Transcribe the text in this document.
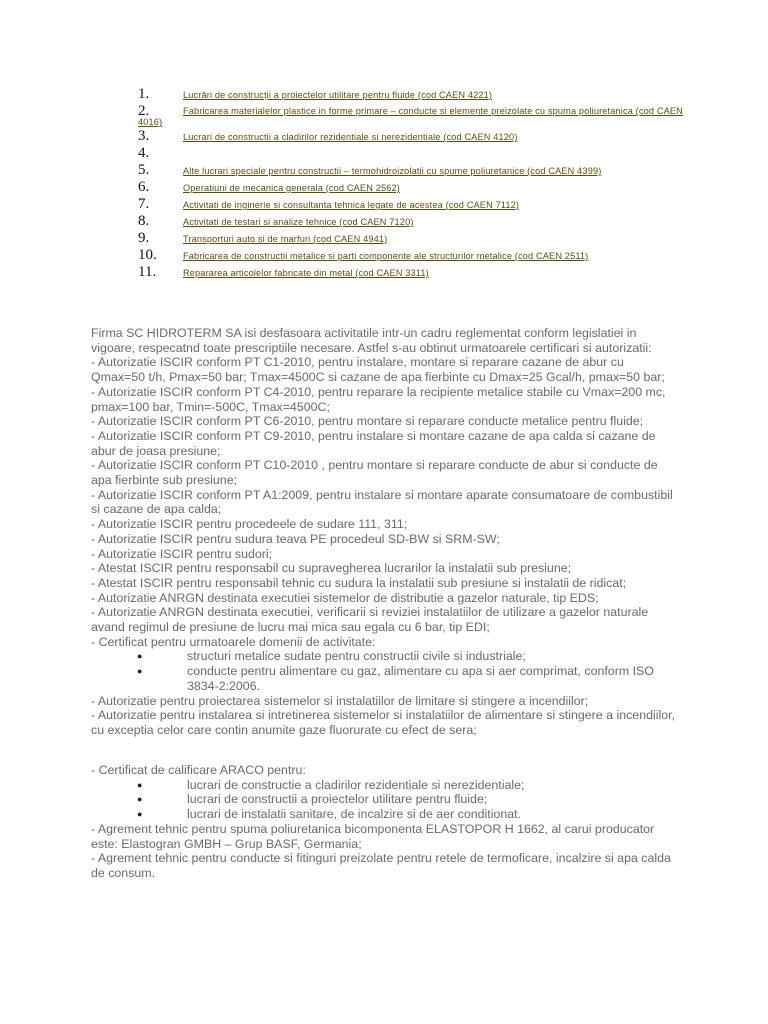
1.	Lucrări de construcţii a proiectelor utilitare pentru fluide (cod CAEN 4221)
2.	Fabricarea materialelor plastice in forme primare – conducte si elemente preizolate cu spuma poliuretanica (cod CAEN 4016)
3.	Lucrari de constructii a cladirilor rezidentiale si nerezidentiale (cod CAEN 4120)
4.
5.	Alte lucrari speciale pentru constructii – termohidroizolatii cu spume poliuretanice (cod CAEN 4399)
6.	Operatiuni de mecanica generala (cod CAEN 2562)
7.	Activitati de inginerie si consultanta tehnica legate de acestea (cod CAEN 7112)
8.	Activitati de testari si analize tehnice (cod CAEN 7120)
9.	Transporturi auto si de marfuri (cod CAEN 4941)
10.	Fabricarea de constructii metalice si parti componente ale structurilor metalice (cod CAEN 2511)
11.	Repararea articolelor fabricate din metal (cod CAEN 3311)
Firma SC HIDROTERM SA isi desfasoara activitatile intr-un cadru reglementat conform legislatiei in vigoare, respecatnd toate prescriptiile necesare. Astfel s-au obtinut urmatoarele certificari si autorizatii:
- Autorizatie ISCIR conform PT C1-2010, pentru instalare, montare si reparare cazane de abur cu Qmax=50 t/h, Pmax=50 bar; Tmax=4500C si cazane de apa fierbinte cu Dmax=25 Gcal/h, pmax=50 bar;
- Autorizatie ISCIR conform PT C4-2010, pentru reparare la recipiente metalice stabile cu Vmax=200 mc, pmax=100 bar, Tmin=-500C, Tmax=4500C;
- Autorizatie ISCIR conform PT C6-2010, pentru montare si reparare conducte metalice pentru fluide;
- Autorizatie ISCIR conform PT C9-2010, pentru instalare si montare cazane de apa calda si cazane de abur de joasa presiune;
- Autorizatie ISCIR conform PT C10-2010 , pentru montare si reparare conducte de abur si conducte de apa fierbinte sub presiune;
- Autorizatie ISCIR conform PT A1:2009, pentru instalare si montare aparate consumatoare de combustibil si cazane de apa calda;
- Autorizatie ISCIR pentru procedeele de sudare 111, 311;
- Autorizatie ISCIR pentru sudura teava PE procedeul SD-BW si SRM-SW;
- Autorizatie ISCIR pentru sudori;
- Atestat ISCIR pentru responsabil cu supravegherea lucrarilor la instalatii sub presiune;
- Atestat ISCIR pentru responsabil tehnic cu sudura la instalatii sub presiune si instalatii de ridicat;
- Autorizatie ANRGN destinata executiei sistemelor de distributie a gazelor naturale, tip EDS;
- Autorizatie ANRGN destinata executiei, verificarii si reviziei instalatiilor de utilizare a gazelor naturale avand regimul de presiune de lucru mai mica sau egala cu 6 bar, tip EDI;
- Certificat pentru urmatoarele domenii de activitate:
●	structuri metalice sudate pentru constructii civile si industriale;
●	conducte pentru alimentare cu gaz, alimentare cu apa si aer comprimat, conform ISO 3834-2:2006.
- Autorizatie pentru proiectarea sistemelor si instalatiilor de limitare si stingere a incendiilor;
- Autorizatie pentru instalarea si intretinerea sistemelor si instalatiilor de alimentare si stingere a incendiilor, cu exceptia celor care contin anumite gaze fluorurate cu efect de sera;
- Certificat de calificare ARACO pentru:
●	lucrari de constructie a cladirilor rezidentiale si nerezidentiale;
●	lucrari de constructii a proiectelor utilitare pentru fluide;
●	lucrari de instalatii sanitare, de incalzire si de aer conditionat.
- Agrement tehnic pentru spuma poliuretanica bicomponenta ELASTOPOR H 1662, al carui producator este: Elastogran GMBH – Grup BASF, Germania;
- Agrement tehnic pentru conducte si fitinguri preizolate pentru retele de termoficare, incalzire si apa calda de consum.
